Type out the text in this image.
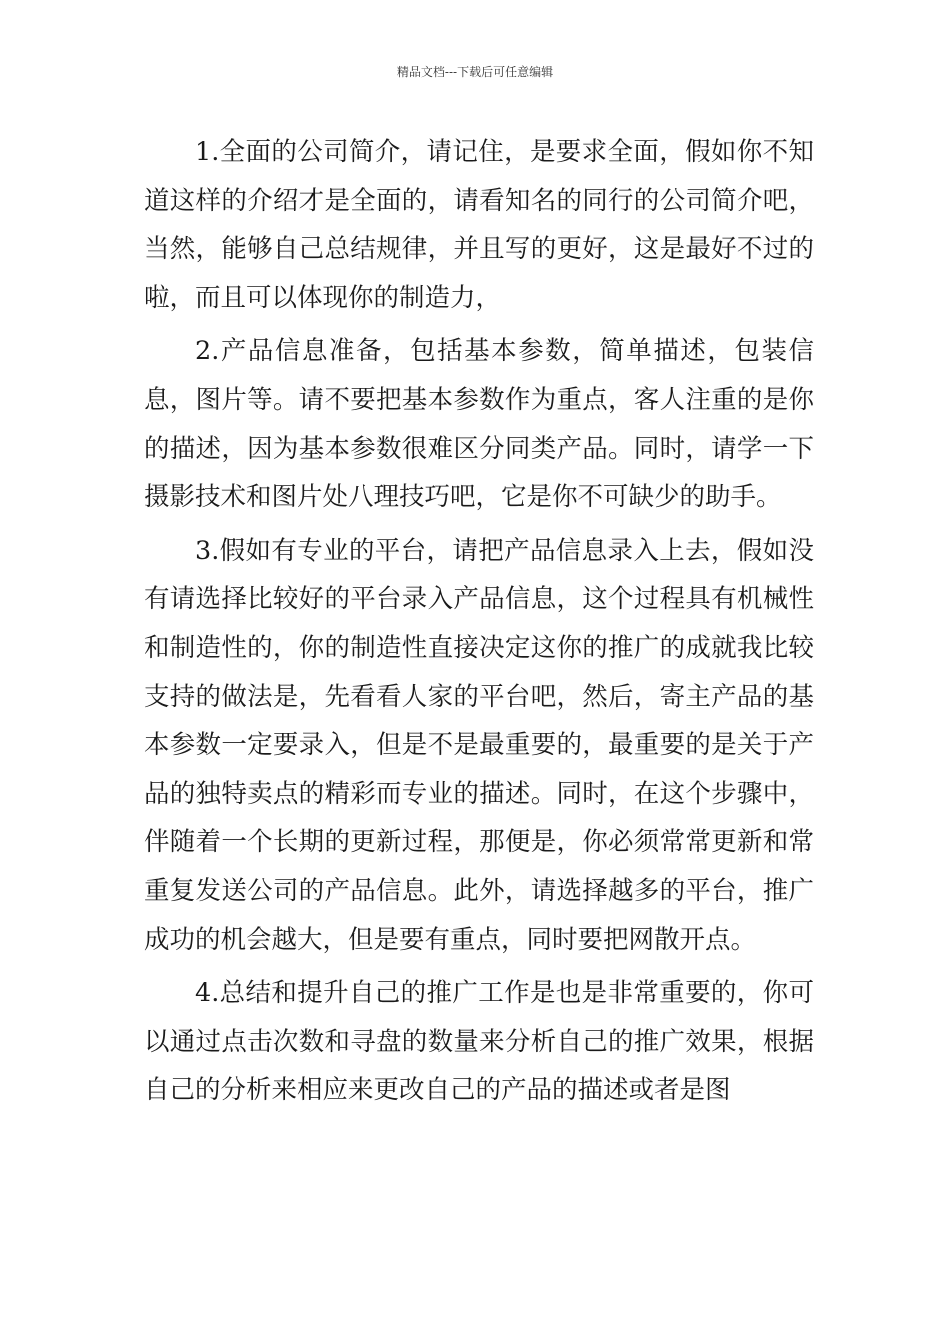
精品文档---下载后可任意编辑

1.全面的公司简介，请记住，是要求全面，假如你不知道这样的介绍才是全面的，请看知名的同行的公司简介吧，当然，能够自己总结规律，并且写的更好，这是最好不过的啦，而且可以体现你的制造力，

2.产品信息准备，包括基本参数，简单描述，包装信息，图片等。请不要把基本参数作为重点，客人注重的是你的描述，因为基本参数很难区分同类产品。同时，请学一下摄影技术和图片处八理技巧吧，它是你不可缺少的助手。

3.假如有专业的平台，请把产品信息录入上去，假如没有请选择比较好的平台录入产品信息，这个过程具有机械性和制造性的，你的制造性直接决定这你的推广的成就我比较支持的做法是，先看看人家的平台吧，然后，寄主产品的基本参数一定要录入，但是不是最重要的，最重要的是关于产品的独特卖点的精彩而专业的描述。同时，在这个步骤中，伴随着一个长期的更新过程，那便是，你必须常常更新和常重复发送公司的产品信息。此外，请选择越多的平台，推广成功的机会越大，但是要有重点，同时要把网散开点。

4.总结和提升自己的推广工作是也是非常重要的，你可以通过点击次数和寻盘的数量来分析自己的推广效果，根据自己的分析来相应来更改自己的产品的描述或者是图
